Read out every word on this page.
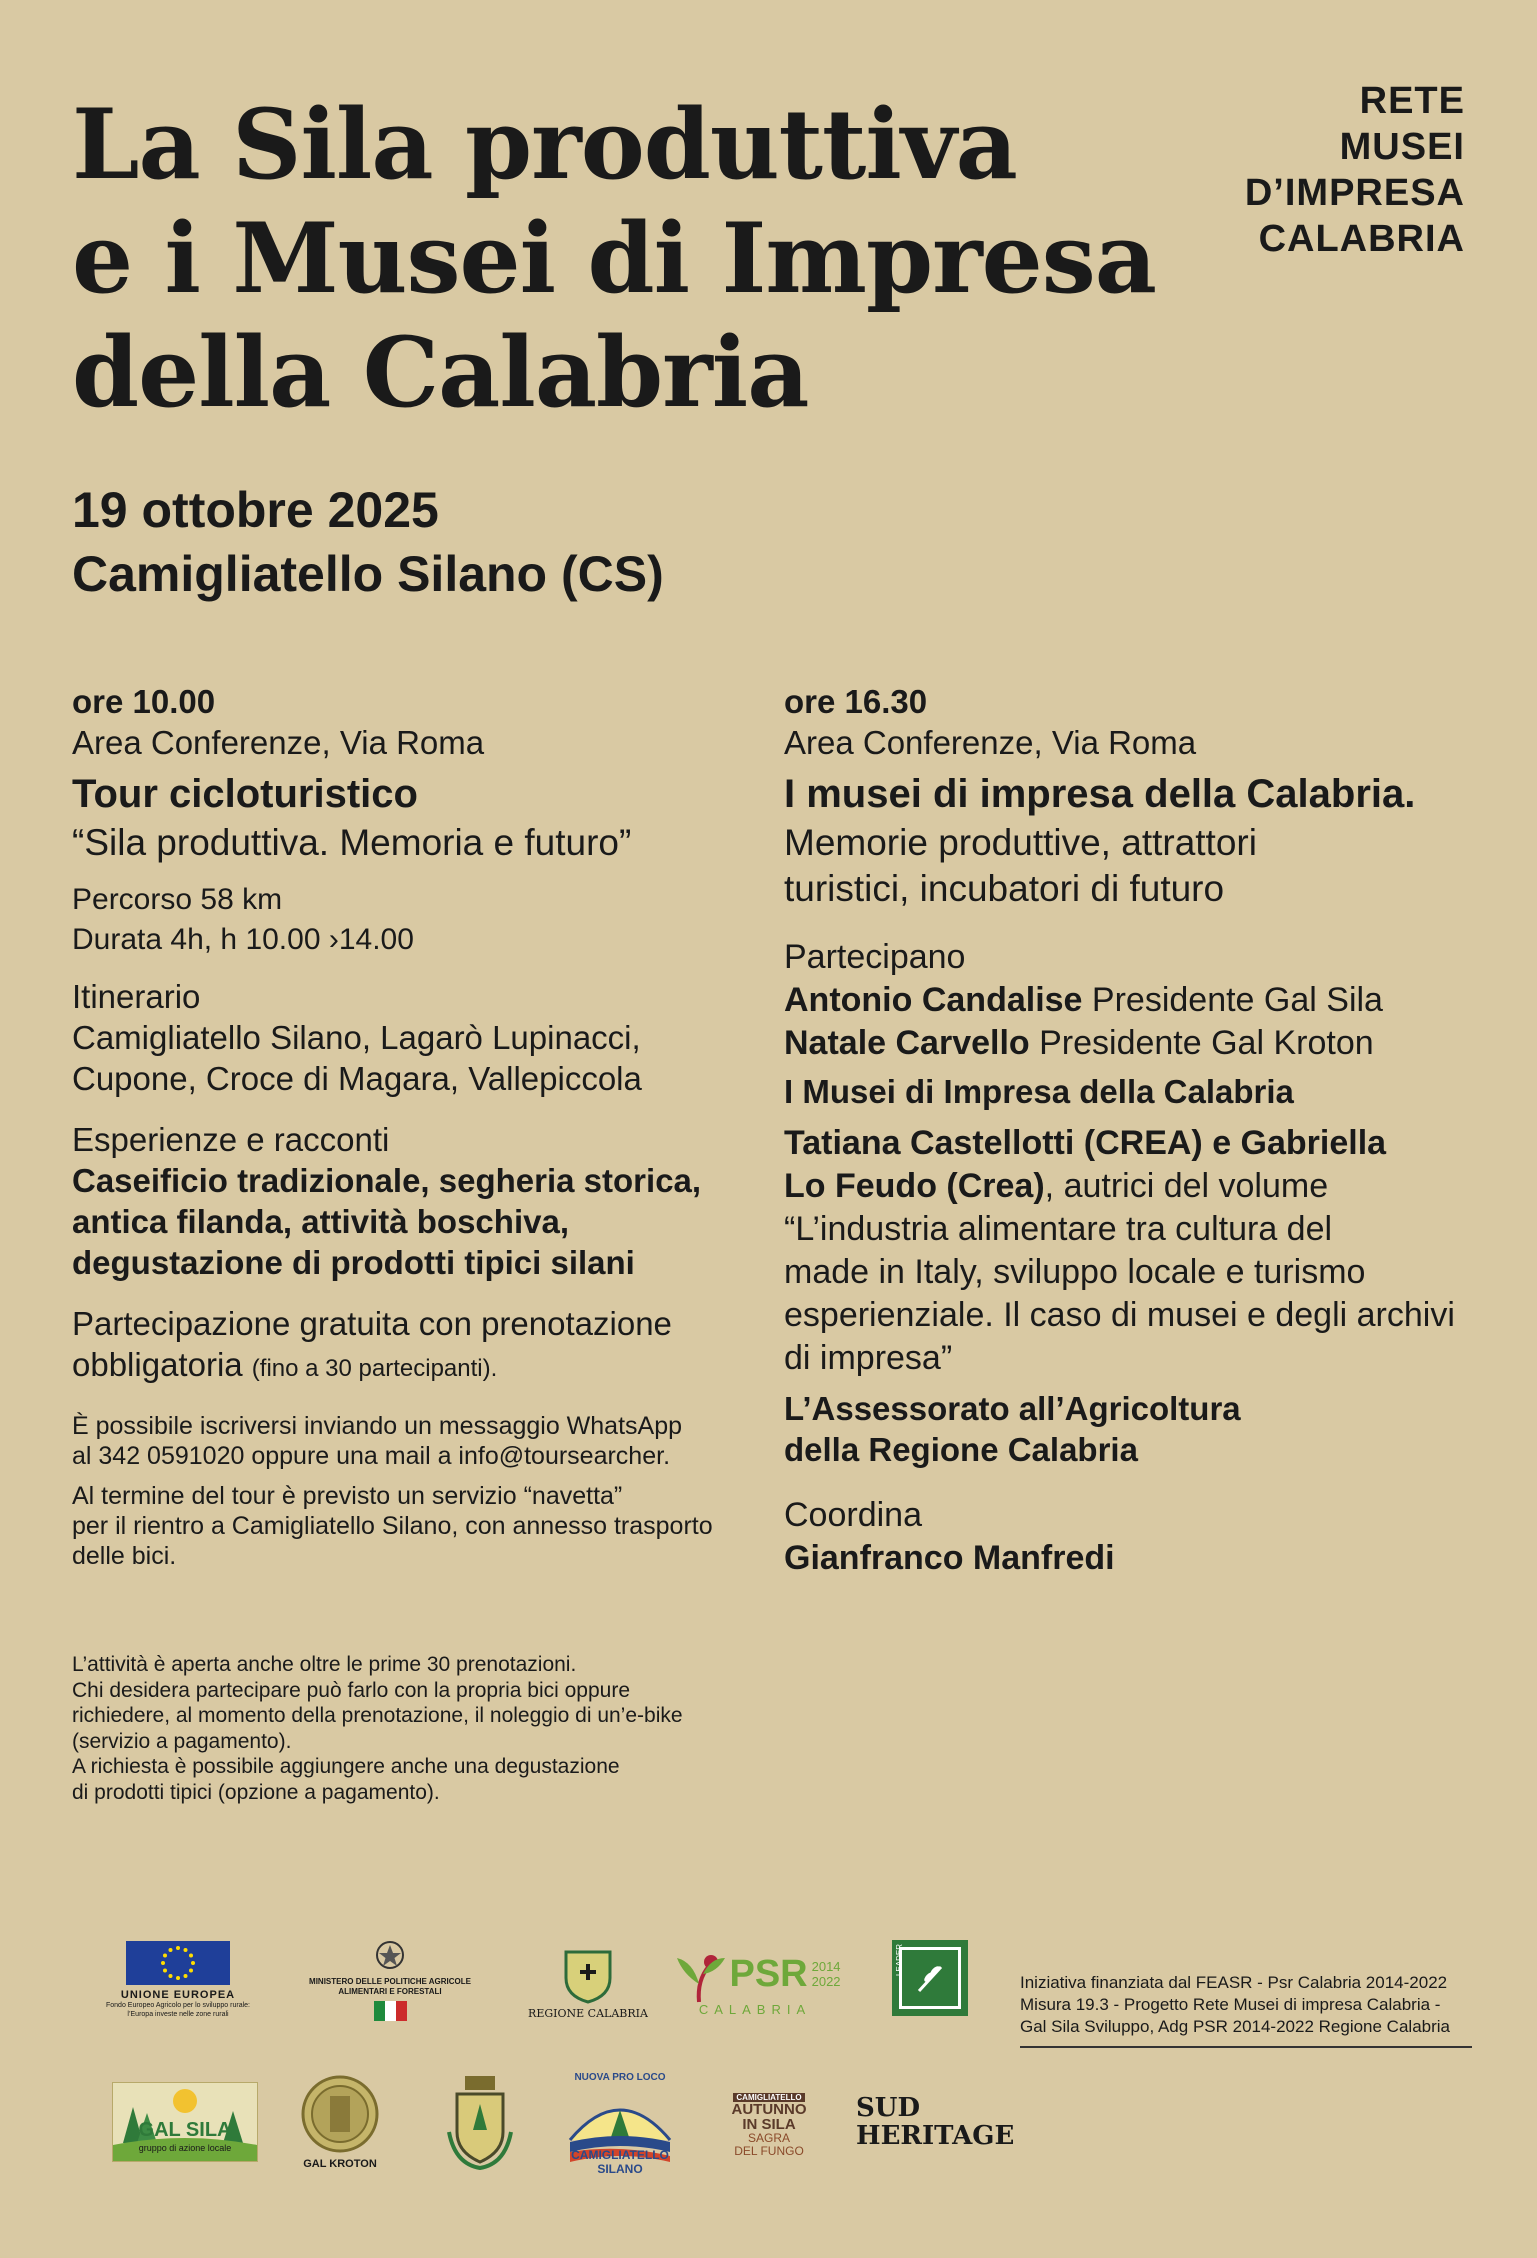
La Sila produttiva
e i Musei di Impresa
della Calabria
RETE
MUSEI
D’IMPRESA
CALABRIA
19 ottobre 2025
Camigliatello Silano (CS)
ore 10.00
Area Conferenze, Via Roma
Tour cicloturistico
“Sila produttiva. Memoria e futuro”
Percorso 58 km
Durata 4h, h 10.00 ›14.00
Itinerario
Camigliatello Silano, Lagarò Lupinacci,
Cupone, Croce di Magara, Vallepiccola
Esperienze e racconti
Caseificio tradizionale, segheria storica,
antica filanda, attività boschiva,
degustazione di prodotti tipici silani
Partecipazione gratuita con prenotazione
obbligatoria (fino a 30 partecipanti).
È possibile iscriversi inviando un messaggio WhatsApp
al 342 0591020 oppure una mail a info@toursearcher.
Al termine del tour è previsto un servizio “navetta”
per il rientro a Camigliatello Silano, con annesso trasporto
delle bici.
ore 16.30
Area Conferenze, Via Roma
I musei di impresa della Calabria.
Memorie produttive, attrattori
turistici, incubatori di futuro
Partecipano
Antonio Candalise Presidente Gal Sila
Natale Carvello Presidente Gal Kroton
I Musei di Impresa della Calabria
Tatiana Castellotti (CREA) e Gabriella
Lo Feudo (Crea), autrici del volume
“L’industria alimentare tra cultura del
made in Italy, sviluppo locale e turismo
esperienziale. Il caso di musei e degli archivi
di impresa”
L’Assessorato all’Agricoltura
della Regione Calabria
Coordina
Gianfranco Manfredi
L’attività è aperta anche oltre le prime 30 prenotazioni.
Chi desidera partecipare può farlo con la propria bici oppure
richiedere, al momento della prenotazione, il noleggio di un’e-bike
(servizio a pagamento).
A richiesta è possibile aggiungere anche una degustazione
di prodotti tipici (opzione a pagamento).
UNIONE EUROPEA
Fondo Europeo Agricolo per lo sviluppo rurale:
l’Europa investe nelle zone rurali
MINISTERO DELLE POLITICHE AGRICOLE
ALIMENTARI E FORESTALI
REGIONE CALABRIA
PSR 2014
2022
CALABRIA
LEADER
Iniziativa finanziata dal FEASR - Psr Calabria 2014-2022
Misura 19.3 - Progetto Rete Musei di impresa Calabria -
Gal Sila Sviluppo, Adg PSR 2014-2022 Regione Calabria
GAL SILA
gruppo di azione locale
GAL KROTON
NUOVA PRO LOCO
CAMIGLIATELLO
SILANO
CAMIGLIATELLO
AUTUNNO
IN SILA
SAGRA
DEL FUNGO
SUD
HERITAGE
